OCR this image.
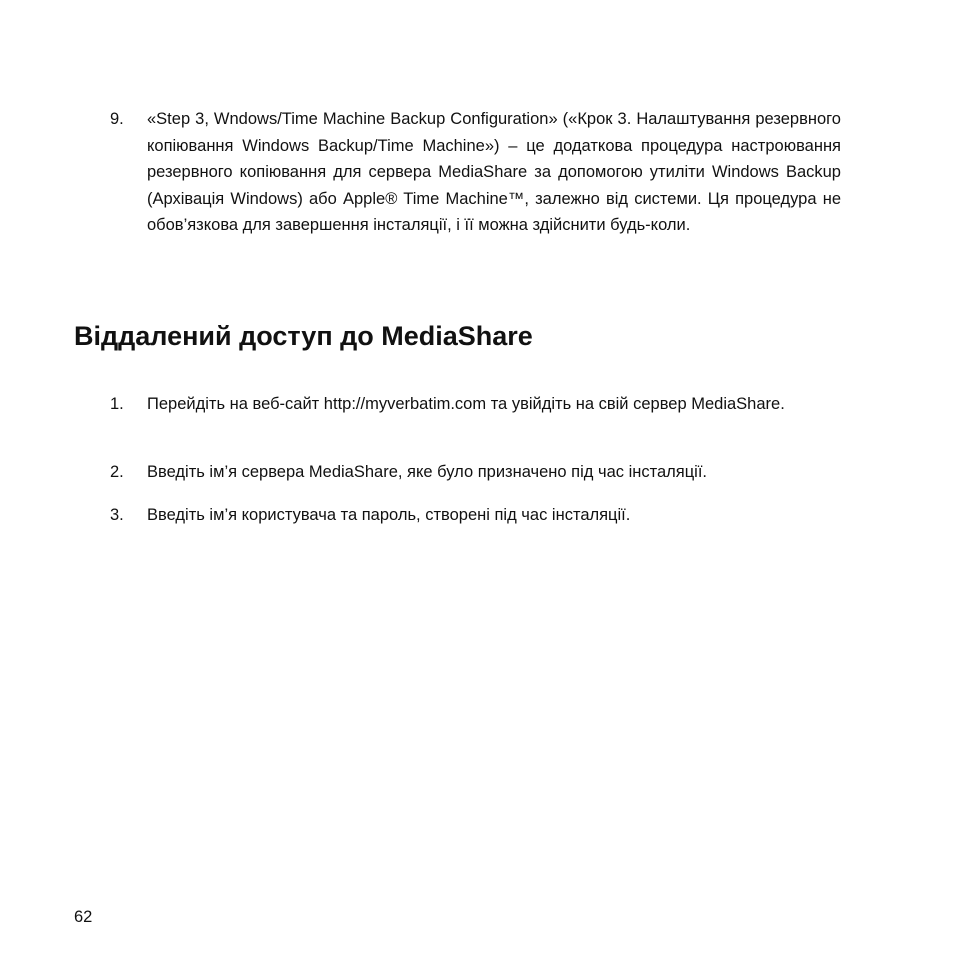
9.	«Step 3, Wndows/Time Machine Backup Configuration» («Крок 3. Налаштування резервного копіювання Windows Backup/Time Machine») – це додаткова процедура настроювання резервного копіювання для сервера MediaShare за допомогою утиліти Windows Backup (Архівація Windows) або Apple® Time Machine™, залежно від системи. Ця процедура не обов’язкова для завершення інсталяції, і її можна здійснити будь-коли.
Віддалений доступ до MediaShare
1.	Перейдіть на веб-сайт http://myverbatim.com та увійдіть на свій сервер MediaShare.
2.	Введіть ім’я сервера MediaShare, яке було призначено під час інсталяції.
3.	Введіть ім’я користувача та пароль, створені під час інсталяції.
62
